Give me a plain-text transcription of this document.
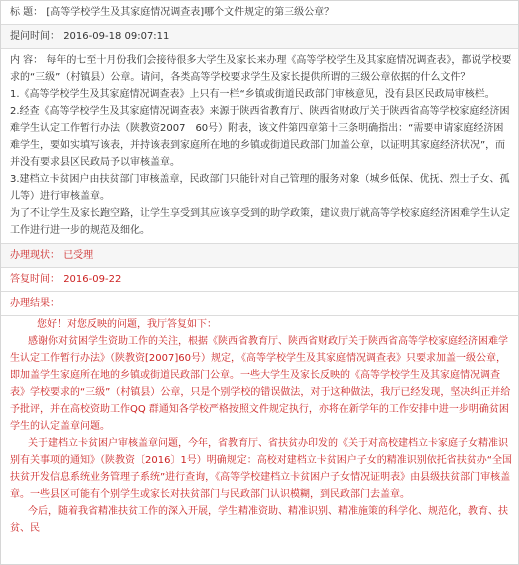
标 题： [高等学校学生及其家庭情况调查表]哪个文件规定的第三级公章？
提问时间： 2016-09-18 09:07:11

内 容： 每年的七至十月份我们会接待很多大学生及家长来办理《高等学校学生及其家庭情况调查表》，都说学校要求的“三级”（村镇县）公章。请问，各类高等学校要求学生及家长提供所谓的三级公章依据的什么文件？

1.《高等学校学生及其家庭情况调查表》上只有一栏“乡镇或街道民政部门审核意见，没有县区民政局审核栏。

2.经查《高等学校学生及其家庭情况调查表》来源于陕西省教育厅、陕西省财政厅关于陕西省高等学校家庭经济困难学生认定工作暂行办法（陕教资2007　60号）附表，该文件第四章第十三条明确指出：“需要申请家庭经济困难学生，要如实填写该表，并持该表到家庭所在地的乡镇或街道民政部门加盖公章，以证明其家庭经济状况”，而并没有要求县区民政局予以审核盖章。

3.建档立卡贫困户由扶贫部门审核盖章，民政部门只能针对自己管理的服务对象（城乡低保、优抚、烈士子女、孤儿等）进行审核盖章。

为了不让学生及家长跑空路，让学生享受到其应该享受到的助学政策，建议贵厅就高等学校家庭经济困难学生认定工作进行进一步的规范及细化。

办理现状： 已受理
答复时间： 2016-09-22
办理结果：

您好！对您反映的问题，我厅答复如下：

感谢你对贫困学生资助工作的关注，根据《陕西省教育厅、陕西省财政厅关于陕西省高等学校家庭经济困难学生认定工作暂行办法》（陕教资[2007]60号）规定，《高等学校学生及其家庭情况调查表》只要求加盖一级公章，即加盖学生家庭所在地的乡镇或街道民政部门公章。一些大学生及家长反映的《高等学校学生及其家庭情况调查表》学校要求的“三级”（村镇县）公章，只是个别学校的错误做法，对于这种做法，我厅已经发现，坚决纠正并给予批评，并在高校资助工作QQ 群通知各学校严格按照文件规定执行，亦将在新学年的工作安排中进一步明确贫困学生的认定盖章问题。

关于建档立卡贫困户审核盖章问题，今年，省教育厅、省扶贫办印发的《关于对高校建档立卡家庭子女精准识别有关事项的通知》（陕教资〔2016〕1号）明确规定：高校对建档立卡贫困户子女的精准识别依托省扶贫办“全国扶贫开发信息系统业务管理子系统”进行查询，《高等学校建档立卡贫困户子女情况证明表》由县级扶贫部门审核盖章。一些县区可能有个别学生或家长对扶贫部门与民政部门认识模糊，到民政部门去盖章。

今后，随着我省精准扶贫工作的深入开展，学生精准资助、精准识别、精准施策的科学化、规范化，教育、扶贫、民
